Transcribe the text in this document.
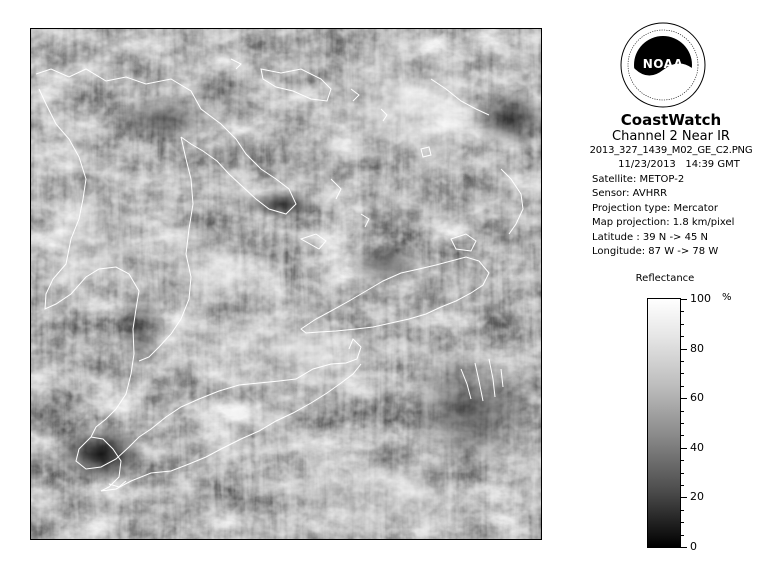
NOAA

CoastWatch

Channel 2 Near IR

2013_327_1439_M02_GE_C2.PNG

11/23/2013 14:39 GMT
Satellite: METOP-2
Sensor: AVHRR
Projection type: Mercator
Map projection: 1.8 km/pixel
Latitude : 39 N -> 45 N
Longitude: 87 W -> 78 W
Reflectance
%
100
80
60
40
20
0
